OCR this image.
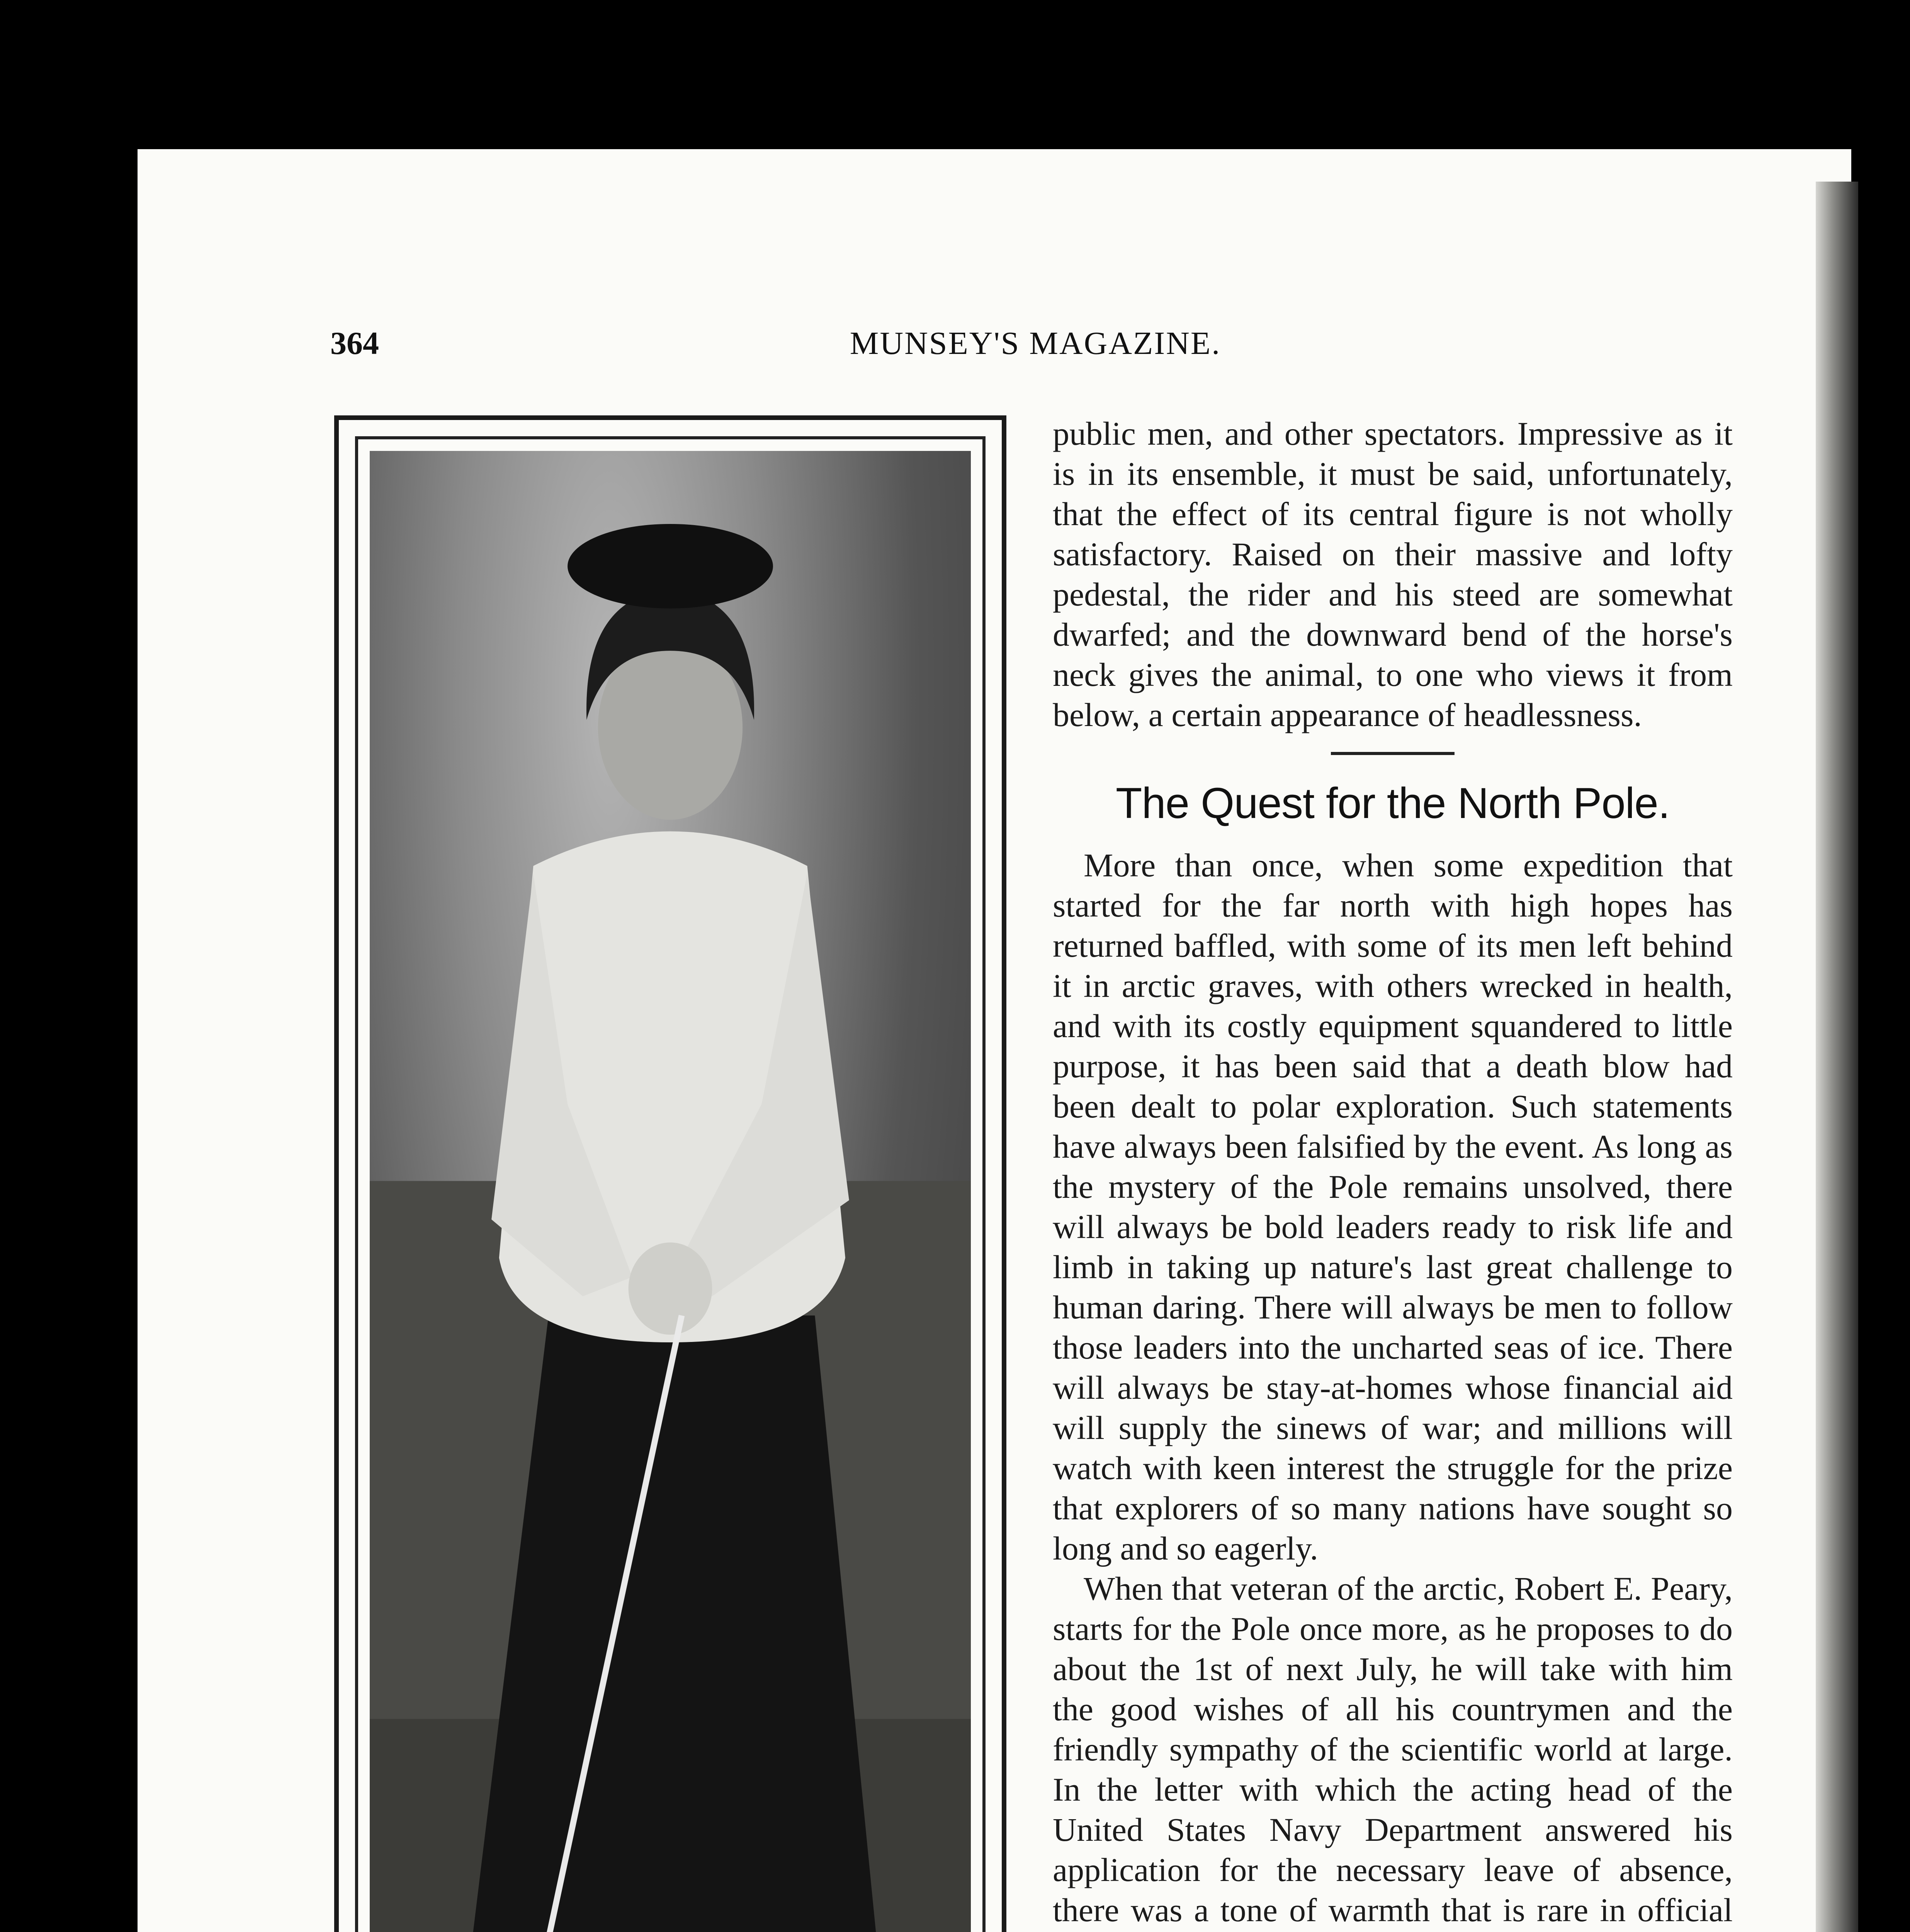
364	MUNSEY'S MAGAZINE.

public men, and other spectators. Impressive as it is in its ensemble, it must be said, unfortunately, that the effect of its central figure is not wholly satisfactory. Raised on their massive and lofty pedestal, the rider and his steed are somewhat dwarfed; and the downward bend of the horse's neck gives the animal, to one who views it from below, a certain appearance of headlessness.

The Quest for the North Pole.

More than once, when some expedition that started for the far north with high hopes has returned baffled, with some of its men left behind it in arctic graves, with others wrecked in health, and with its costly equipment squandered to little purpose, it has been said that a death blow had been dealt to polar exploration. Such statements have always been falsified by the event. As long as the mystery of the Pole remains unsolved, there will always be bold leaders ready to risk life and limb in taking up nature's last great challenge to human daring. There will always be men to follow those leaders into the uncharted seas of ice. There will always be stay-at-homes whose financial aid will supply the sinews of war; and millions will watch with keen interest the struggle for the prize that explorers of so many nations have sought so long and so eagerly.

When that veteran of the arctic, Robert E. Peary, starts for the Pole once more, as he proposes to do about the 1st of next July, he will take with him the good wishes of all his countrymen and the friendly sympathy of the scientific world at large. In the letter with which the acting head of the United States Navy Department answered his application for the necessary leave of absence, there was a tone of warmth that is rare in official
